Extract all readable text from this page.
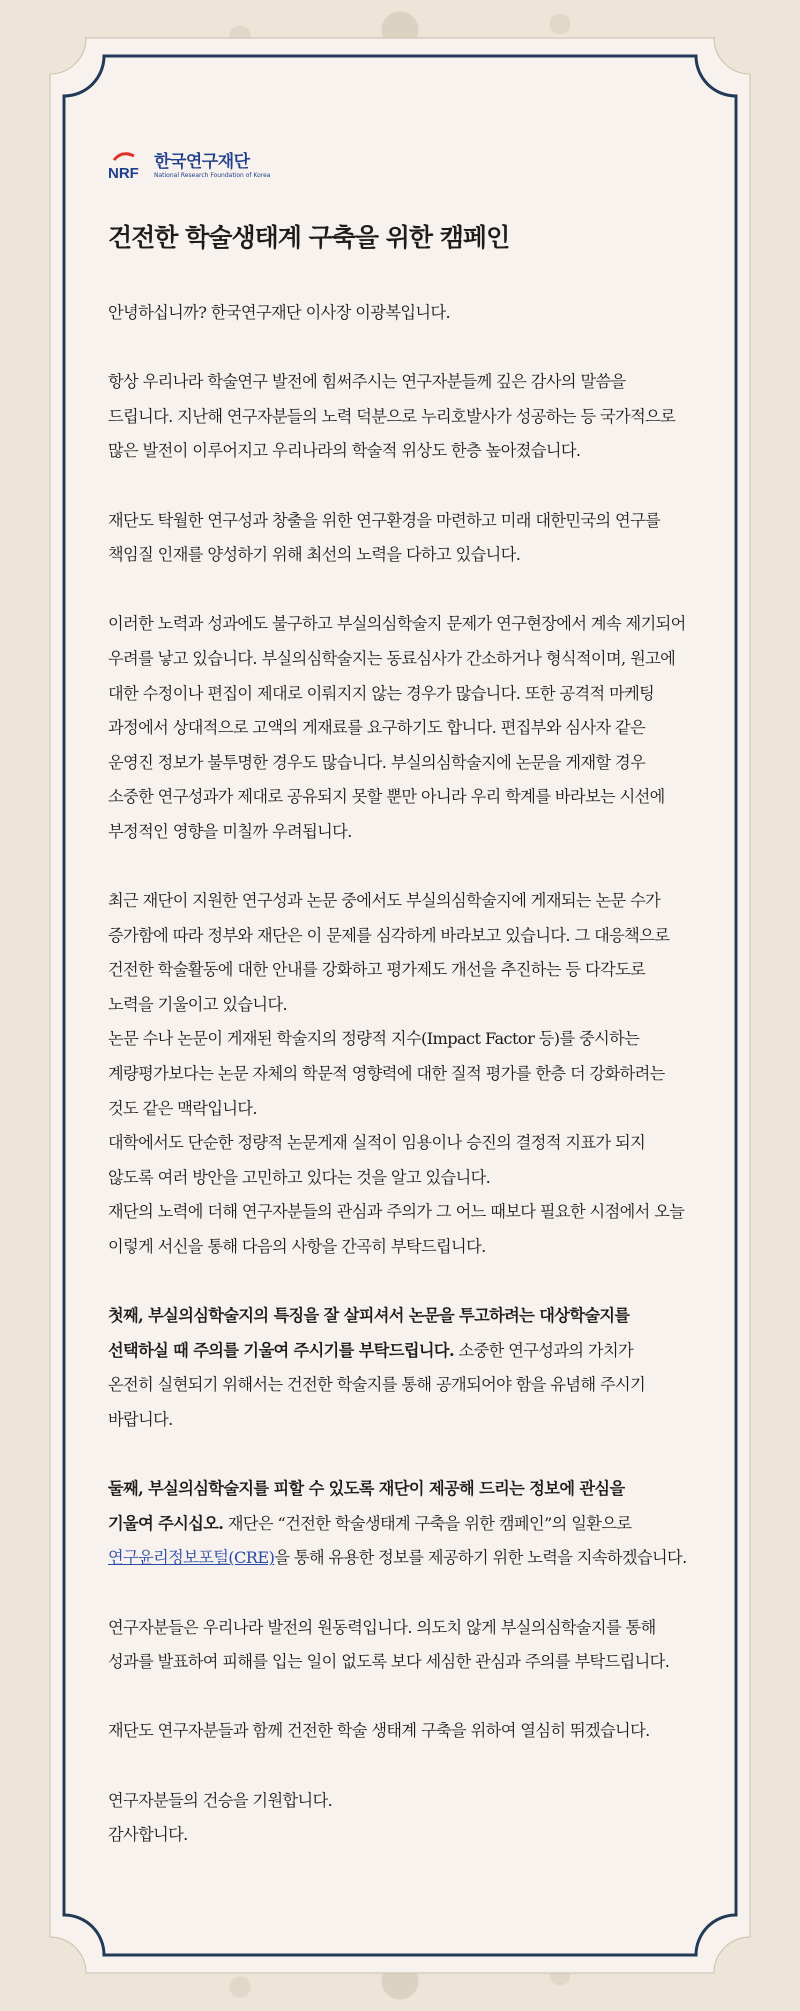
NRF
한국연구재단
National Research Foundation of Korea
건전한 학술생태계 구축을 위한 캠페인

안녕하십니까? 한국연구재단 이사장 이광복입니다.

항상 우리나라 학술연구 발전에 힘써주시는 연구자분들께 깊은 감사의 말씀을
드립니다. 지난해 연구자분들의 노력 덕분으로 누리호발사가 성공하는 등 국가적으로
많은 발전이 이루어지고 우리나라의 학술적 위상도 한층 높아졌습니다.

재단도 탁월한 연구성과 창출을 위한 연구환경을 마련하고 미래 대한민국의 연구를
책임질 인재를 양성하기 위해 최선의 노력을 다하고 있습니다.

이러한 노력과 성과에도 불구하고 부실의심학술지 문제가 연구현장에서 계속 제기되어
우려를 낳고 있습니다. 부실의심학술지는 동료심사가 간소하거나 형식적이며, 원고에
대한 수정이나 편집이 제대로 이뤄지지 않는 경우가 많습니다. 또한 공격적 마케팅
과정에서 상대적으로 고액의 게재료를 요구하기도 합니다. 편집부와 심사자 같은
운영진 정보가 불투명한 경우도 많습니다. 부실의심학술지에 논문을 게재할 경우
소중한 연구성과가 제대로 공유되지 못할 뿐만 아니라 우리 학계를 바라보는 시선에
부정적인 영향을 미칠까 우려됩니다.

최근 재단이 지원한 연구성과 논문 중에서도 부실의심학술지에 게재되는 논문 수가
증가함에 따라 정부와 재단은 이 문제를 심각하게 바라보고 있습니다. 그 대응책으로
건전한 학술활동에 대한 안내를 강화하고 평가제도 개선을 추진하는 등 다각도로
노력을 기울이고 있습니다.
논문 수나 논문이 게재된 학술지의 정량적 지수(Impact Factor 등)를 중시하는
계량평가보다는 논문 자체의 학문적 영향력에 대한 질적 평가를 한층 더 강화하려는
것도 같은 맥락입니다.
대학에서도 단순한 정량적 논문게재 실적이 임용이나 승진의 결정적 지표가 되지
않도록 여러 방안을 고민하고 있다는 것을 알고 있습니다.
재단의 노력에 더해 연구자분들의 관심과 주의가 그 어느 때보다 필요한 시점에서 오늘
이렇게 서신을 통해 다음의 사항을 간곡히 부탁드립니다.

첫째, 부실의심학술지의 특징을 잘 살피셔서 논문을 투고하려는 대상학술지를
선택하실 때 주의를 기울여 주시기를 부탁드립니다. 소중한 연구성과의 가치가
온전히 실현되기 위해서는 건전한 학술지를 통해 공개되어야 함을 유념해 주시기
바랍니다.

둘째, 부실의심학술지를 피할 수 있도록 재단이 제공해 드리는 정보에 관심을
기울여 주시십오. 재단은 “건전한 학술생태계 구축을 위한 캠페인”의 일환으로
연구윤리정보포털(CRE)을 통해 유용한 정보를 제공하기 위한 노력을 지속하겠습니다.

연구자분들은 우리나라 발전의 원동력입니다. 의도치 않게 부실의심학술지를 통해
성과를 발표하여 피해를 입는 일이 없도록 보다 세심한 관심과 주의를 부탁드립니다.

재단도 연구자분들과 함께 건전한 학술 생태계 구축을 위하여 열심히 뛰겠습니다.

연구자분들의 건승을 기원합니다.
감사합니다.
